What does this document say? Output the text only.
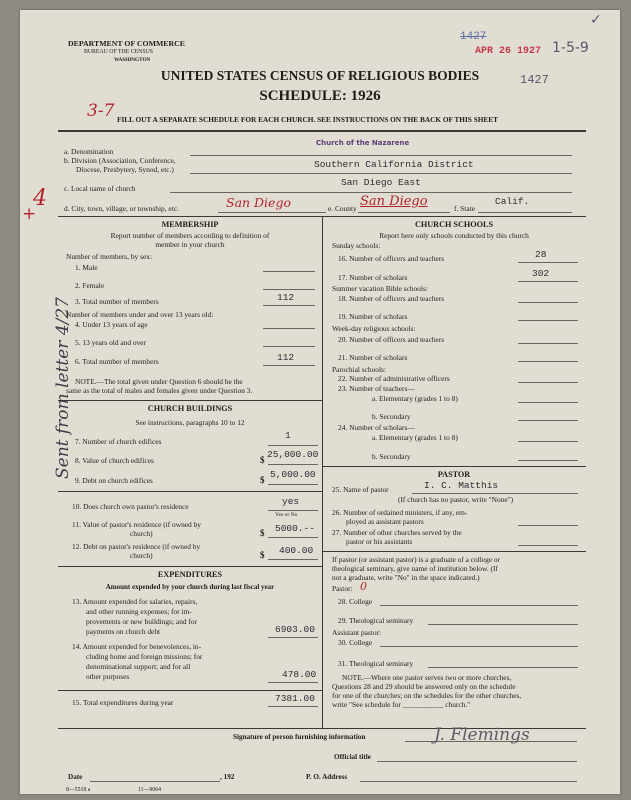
DEPARTMENT OF COMMERCE
BUREAU OF THE CENSUS
WASHINGTON
UNITED STATES CENSUS OF RELIGIOUS BODIES
SCHEDULE: 1926
FILL OUT A SEPARATE SCHEDULE FOR EACH CHURCH. SEE INSTRUCTIONS ON THE BACK OF THIS SHEET
1427
APR 26 1927 1-5-9
✓
1427
3-7
4
+
Sent from letter 4/27
a. Denomination
Church of the Nazarene
b. Division (Association, Conference,
Diocese, Presbytery, Synod, etc.)	Southern California District
c. Local name of church
San Diego East
d. City, town, village, or township, etc.	San Diego	e. County San Diego	f. State
Calif.
MEMBERSHIP
Report number of members according to definition of
member in your church
Number of members, by sex:
1. Male
2. Female
3. Total number of members	112
Number of members under and over 13 years old:
4. Under 13 years of age
5. 13 years old and over
6. Total number of members	112
NOTE.—The total given under Question 6 should be the
same as the total of males and females given under Question 3.
CHURCH BUILDINGS
See instructions, paragraphs 10 to 12
7. Number of church edifices
1
8. Value of church edifices	$ 25,000.00
9. Debt on church edifices	$ 5,000.00
10. Does church own pastor's residence	yes
Yes or No
11. Value of pastor's residence (if owned by
church)	$ 5000.--
12. Debt on pastor's residence (if owned by
church)	$ 400.00
EXPENDITURES
Amount expended by your church during last fiscal year
13. Amount expended for salaries, repairs,
and other running expenses; for im-
provements or new buildings; and for
payments on church debt	6903.00
14. Amount expended for benevolences, in-
cluding home and foreign missions; for
denominational support; and for all
other purposes	478.00
15. Total expenditures during year	7381.00
CHURCH SCHOOLS
Report here only schools conducted by this church
Sunday schools:
16. Number of officers and teachers	28
17. Number of scholars	302
Summer vacation Bible schools:
18. Number of officers and teachers
19. Number of scholars
Week-day religious schools:
20. Number of officers and teachers
21. Number of scholars
Parochial schools:
22. Number of administrative officers
23. Number of teachers—
a. Elementary (grades 1 to 8)
b. Secondary
24. Number of scholars—
a. Elementary (grades 1 to 8)
b. Secondary
PASTOR
25. Name of pastor	I. C. Matthis
(If church has no pastor, write "None")
26. Number of ordained ministers, if any, em-
ployed as assistant pastors
27. Number of other churches served by the
pastor or his assistants
If pastor (or assistant pastor) is a graduate of a college or
theological seminary, give name of institution below. (If
not a graduate, write "No" in the space indicated.)
Pastor: 0
28. College
29. Theological seminary
Assistant pastor:
30. College
31. Theological seminary
NOTE.—Where one pastor serves two or more churches,
Questions 28 and 29 should be answered only on the schedule
for one of the churches; on the schedules for the other churches,
write "See schedule for ___________ church."
Signature of person furnishing information	J. Flemings
Official title
Date	, 192	P. O. Address
8—5518 a	11—9064
